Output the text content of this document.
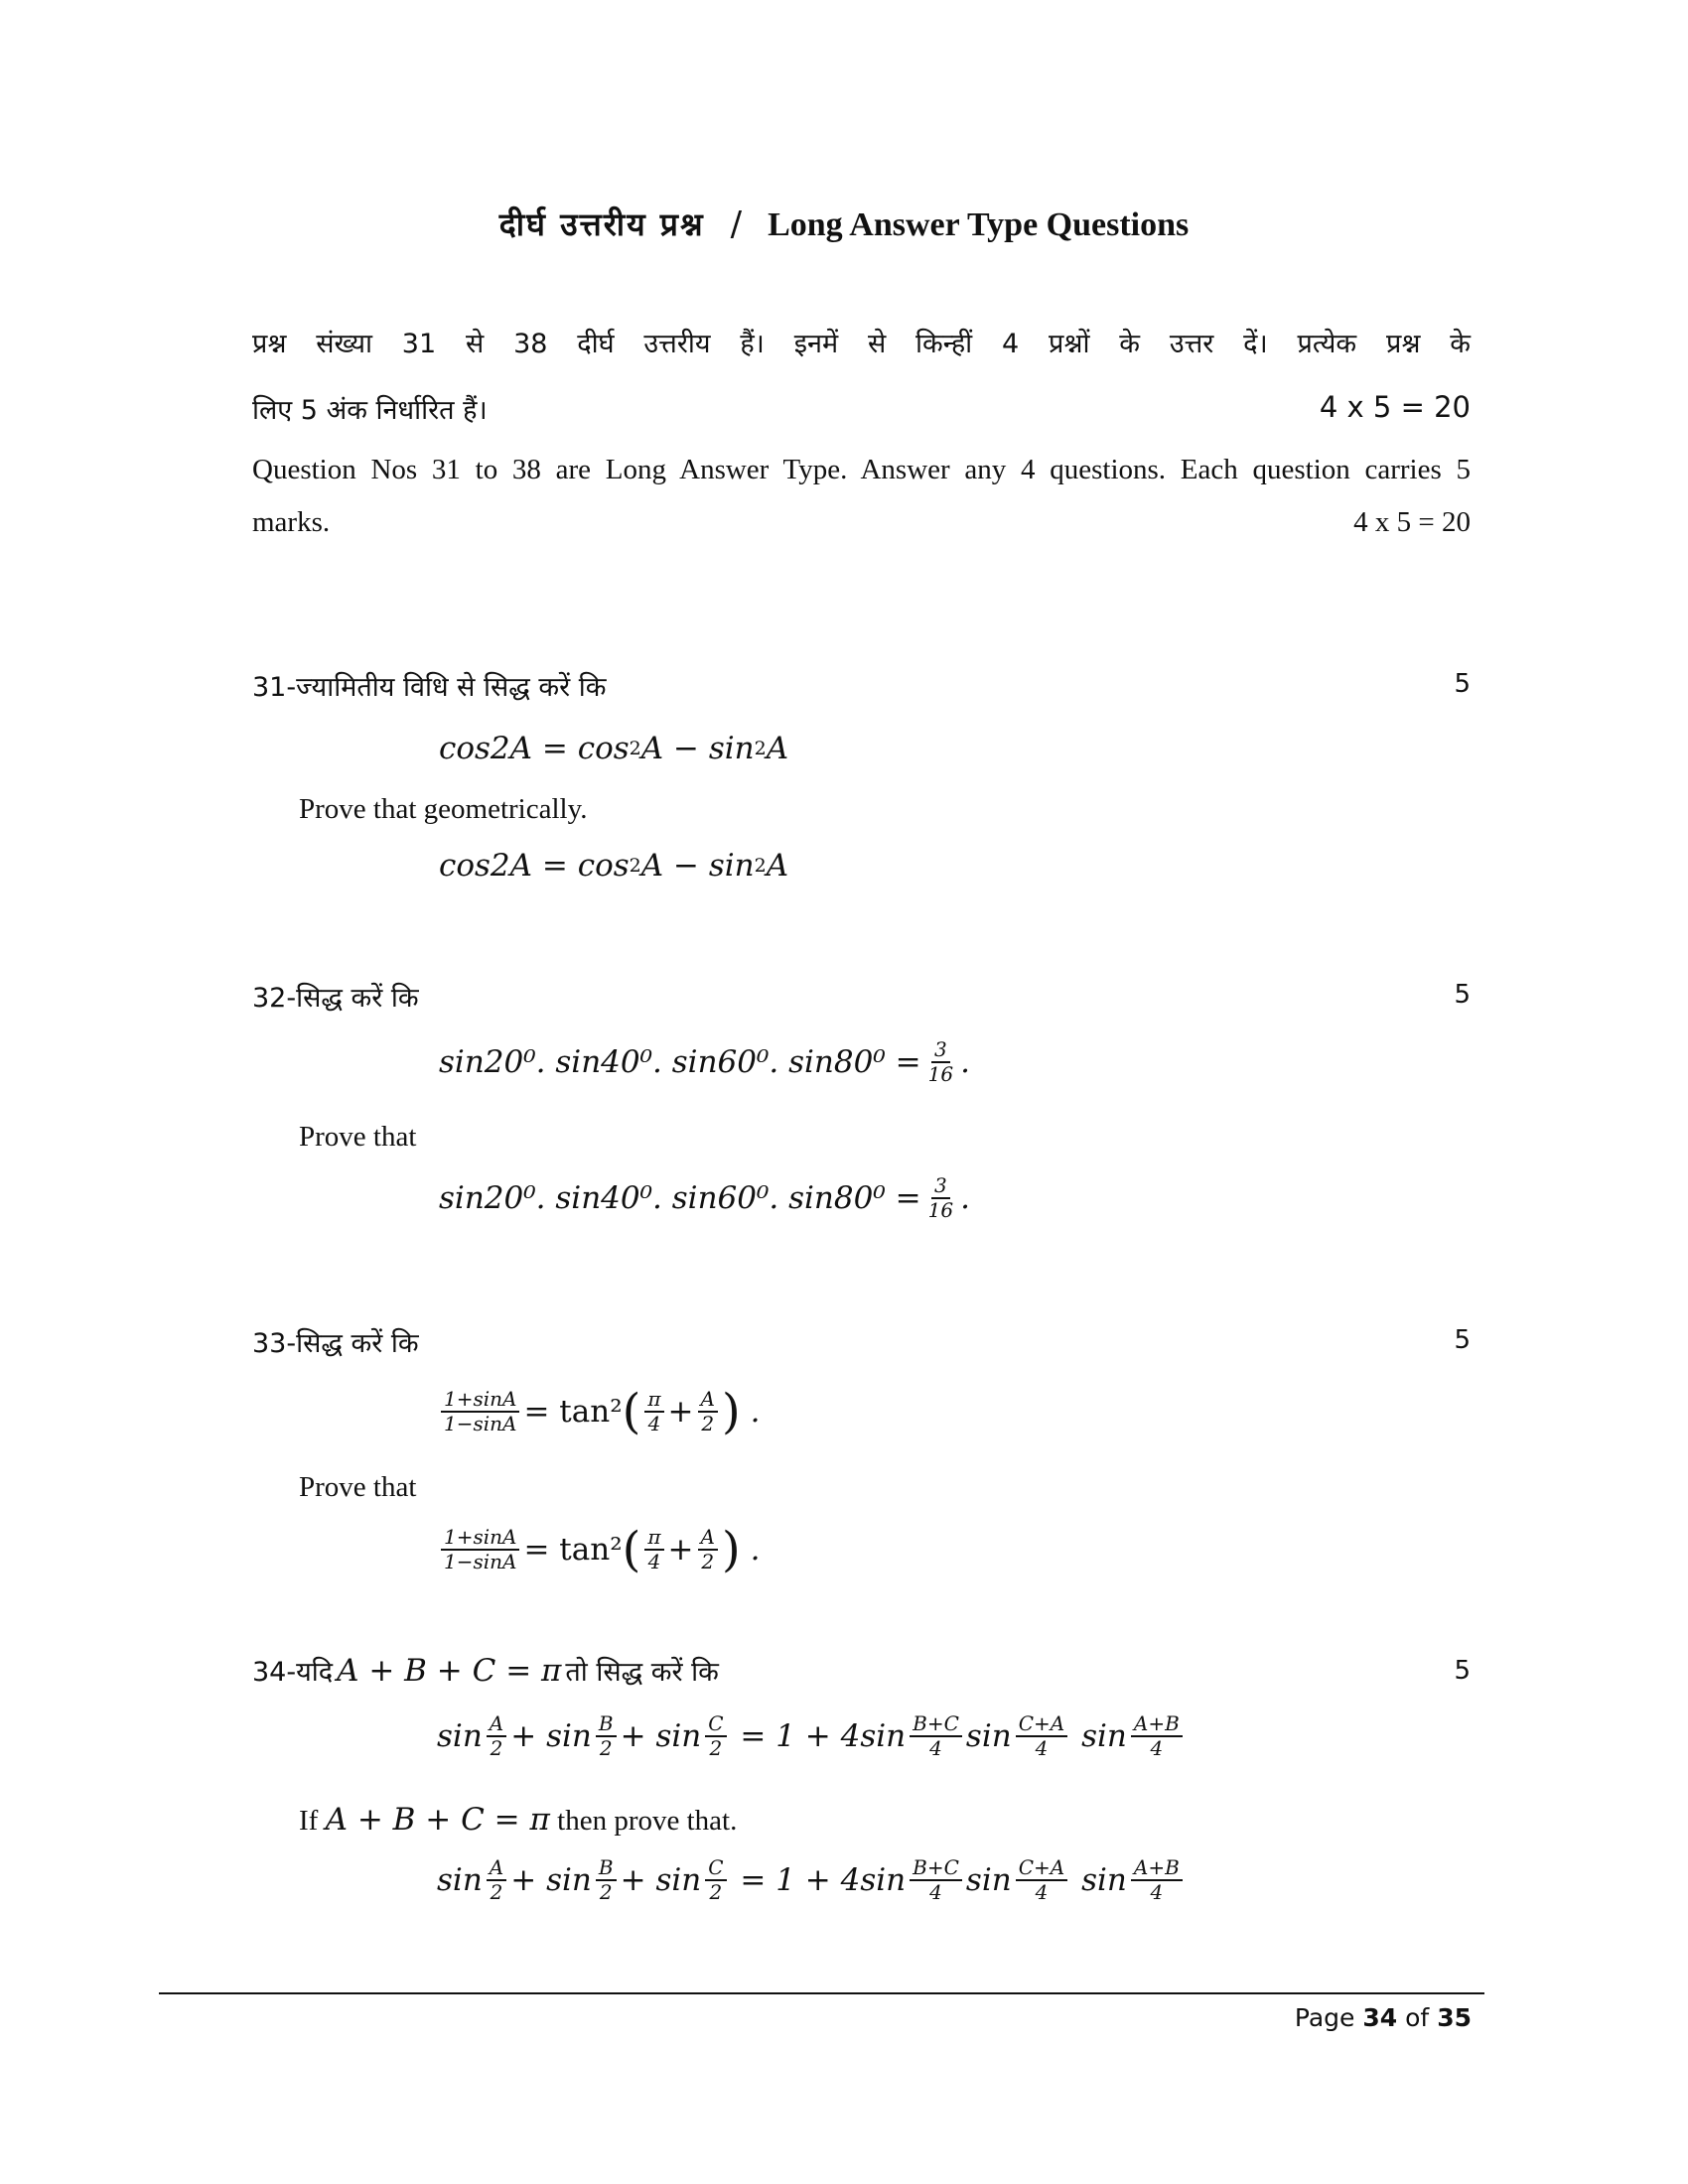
दीर्घ उत्तरीय प्रश्न / Long Answer Type Questions
प्रश्न संख्या 31 से 38 दीर्घ उत्तरीय हैं। इनमें से किन्हीं 4 प्रश्नों के उत्तर दें। प्रत्येक प्रश्न के
लिए 5 अंक निर्धारित हैं।	4 x 5 = 20
Question Nos 31 to 38 are Long Answer Type. Answer any 4 questions. Each question carries 5
marks.	4 x 5 = 20
31-ज्यामितीय विधि से सिद्ध करें कि	5
cos2A = cos 2 A − sin 2 A
Prove that geometrically.
cos2A = cos 2 A − sin 2 A
32-सिद्ध करें कि	5
sin20⁰. sin40⁰. sin60⁰. $\sin 80^0 = \frac{3}{16}$ .
Prove that
sin20⁰. sin40⁰. sin60⁰. $\sin 80^0 = \frac{3}{16}$ .
33-सिद्ध करें कि	5
$\frac{1+\sin A}{1-\sin A} = \tan^2$ ( $\frac{\pi}{4} + \frac{A}{2}$ )
.
Prove that
$\frac{1+\sin A}{1-\sin A} = \tan^2$ ( $\frac{\pi}{4} + \frac{A}{2}$ )
.
34-यदि A + B + C = π तो सिद्ध करें कि	5
$\sin \frac{A}{2}$ +
$\sin \frac{B}{2}$ +
$\sin \frac{C}{2}$
= $1 + 4\sin \frac{B+C}{4}$ $\sin \frac{C+A}{4}$
$\sin \frac{A+B}{4}$
If A + B + C = π then prove that.
$\sin \frac{A}{2}$ +
$\sin \frac{B}{2}$ +
$\sin \frac{C}{2}$
= $1 + 4\sin \frac{B+C}{4}$ $\sin \frac{C+A}{4}$
$\sin \frac{A+B}{4}$
Page 34 of 35
